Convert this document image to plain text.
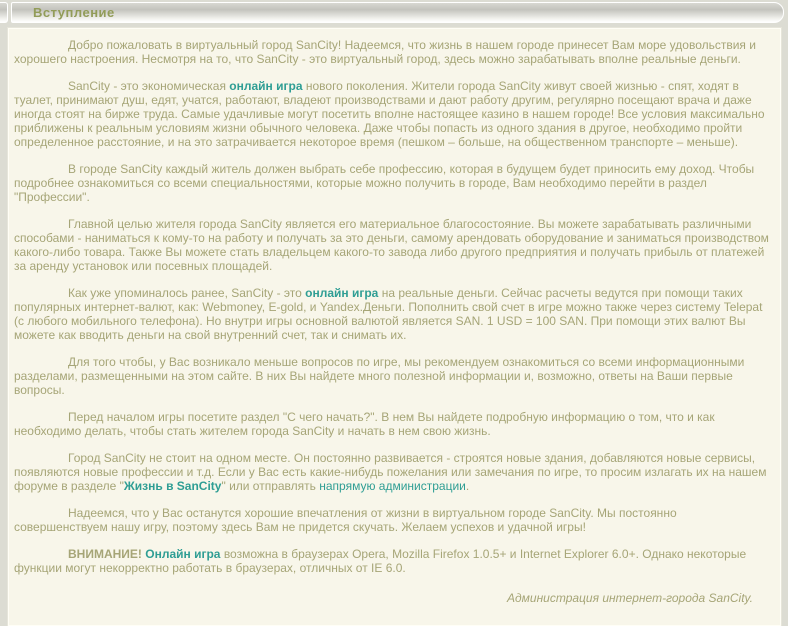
Вступление

Добро пожаловать в виртуальный город SanCity! Надеемся, что жизнь в нашем городе принесет Вам море удовольствия и хорошего настроения. Несмотря на то, что SanCity - это виртуальный город, здесь можно зарабатывать вполне реальные деньги.

SanCity - это экономическая онлайн игра нового поколения. Жители города SanCity живут своей жизнью - спят, ходят в туалет, принимают душ, едят, учатся, работают, владеют производствами и дают работу другим, регулярно посещают врача и даже иногда стоят на бирже труда. Самые удачливые могут посетить вполне настоящее казино в нашем городе! Все условия максимально приближены к реальным условиям жизни обычного человека. Даже чтобы попасть из одного здания в другое, необходимо пройти определенное расстояние, и на это затрачивается некоторое время (пешком – больше, на общественном транспорте – меньше).

В городе SanCity каждый житель должен выбрать себе профессию, которая в будущем будет приносить ему доход. Чтобы подробнее ознакомиться со всеми специальностями, которые можно получить в городе, Вам необходимо перейти в раздел "Профессии".

Главной целью жителя города SanCity является его материальное благосостояние. Вы можете зарабатывать различными способами - наниматься к кому-то на работу и получать за это деньги, самому арендовать оборудование и заниматься производством какого-либо товара. Также Вы можете стать владельцем какого-то завода либо другого предприятия и получать прибыль от платежей за аренду установок или посевных площадей.

Как уже упоминалось ранее, SanCity - это онлайн игра на реальные деньги. Сейчас расчеты ведутся при помощи таких популярных интернет-валют, как: Webmoney, E-gold, и Yandex.Деньги. Пополнить свой счет в игре можно также через систему Telepat (с любого мобильного телефона). Но внутри игры основной валютой является SAN. 1 USD = 100 SAN. При помощи этих валют Вы можете как вводить деньги на свой внутренний счет, так и снимать их.

Для того чтобы, у Вас возникало меньше вопросов по игре, мы рекомендуем ознакомиться со всеми информационными разделами, размещенными на этом сайте. В них Вы найдете много полезной информации и, возможно, ответы на Ваши первые вопросы.

Перед началом игры посетите раздел "С чего начать?". В нем Вы найдете подробную информацию о том, что и как необходимо делать, чтобы стать жителем города SanCity и начать в нем свою жизнь.

Город SanCity не стоит на одном месте. Он постоянно развивается - строятся новые здания, добавляются новые сервисы, появляются новые профессии и т.д. Если у Вас есть какие-нибудь пожелания или замечания по игре, то просим излагать их на нашем форуме в разделе "Жизнь в SanCity" или отправлять напрямую администрации.

Надеемся, что у Вас останутся хорошие впечатления от жизни в виртуальном городе SanCity. Мы постоянно совершенствуем нашу игру, поэтому здесь Вам не придется скучать. Желаем успехов и удачной игры!

ВНИМАНИЕ! Онлайн игра возможна в браузерах Opera, Mozilla Firefox 1.0.5+ и Internet Explorer 6.0+. Однако некоторые функции могут некорректно работать в браузерах, отличных от IE 6.0.

Администрация интернет-города SanCity.
